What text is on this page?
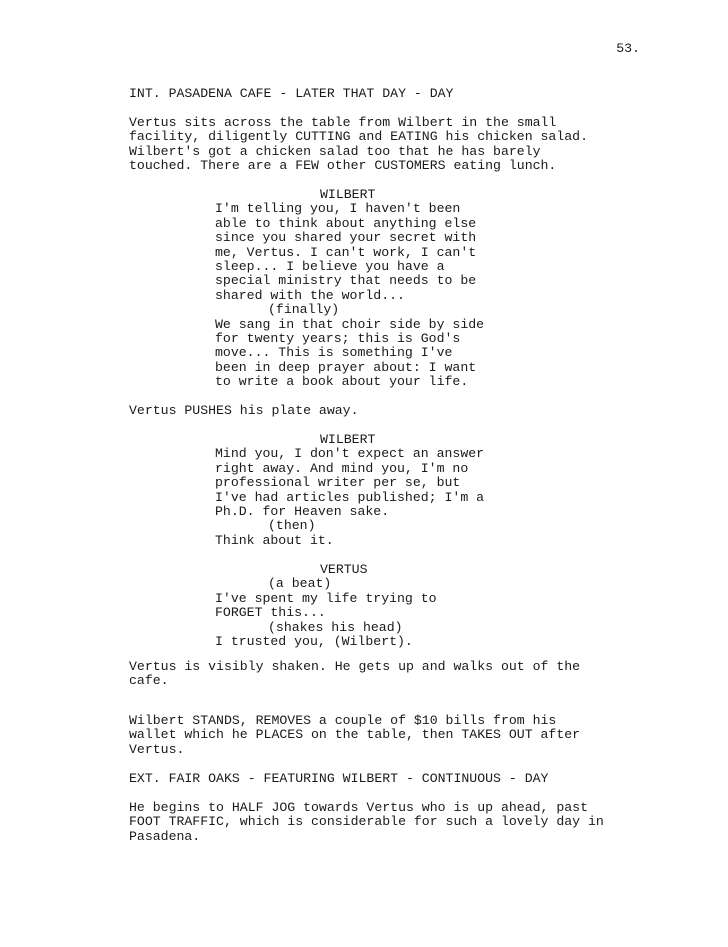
53.
INT. PASADENA CAFE - LATER THAT DAY - DAY
Vertus sits across the table from Wilbert in the small
facility, diligently CUTTING and EATING his chicken salad.
Wilbert's got a chicken salad too that he has barely
touched. There are a FEW other CUSTOMERS eating lunch.
WILBERT
I'm telling you, I haven't been
able to think about anything else
since you shared your secret with
me, Vertus. I can't work, I can't
sleep... I believe you have a
special ministry that needs to be
shared with the world...
(finally)
We sang in that choir side by side
for twenty years; this is God's
move... This is something I've
been in deep prayer about: I want
to write a book about your life.
Vertus PUSHES his plate away.
WILBERT
Mind you, I don't expect an answer
right away. And mind you, I'm no
professional writer per se, but
I've had articles published; I'm a
Ph.D. for Heaven sake.
(then)
Think about it.
VERTUS
(a beat)
I've spent my life trying to
FORGET this...
(shakes his head)
I trusted you, (Wilbert).
Vertus is visibly shaken. He gets up and walks out of the
cafe.
Wilbert STANDS, REMOVES a couple of $10 bills from his
wallet which he PLACES on the table, then TAKES OUT after
Vertus.
EXT. FAIR OAKS - FEATURING WILBERT - CONTINUOUS - DAY
He begins to HALF JOG towards Vertus who is up ahead, past
FOOT TRAFFIC, which is considerable for such a lovely day in
Pasadena.
